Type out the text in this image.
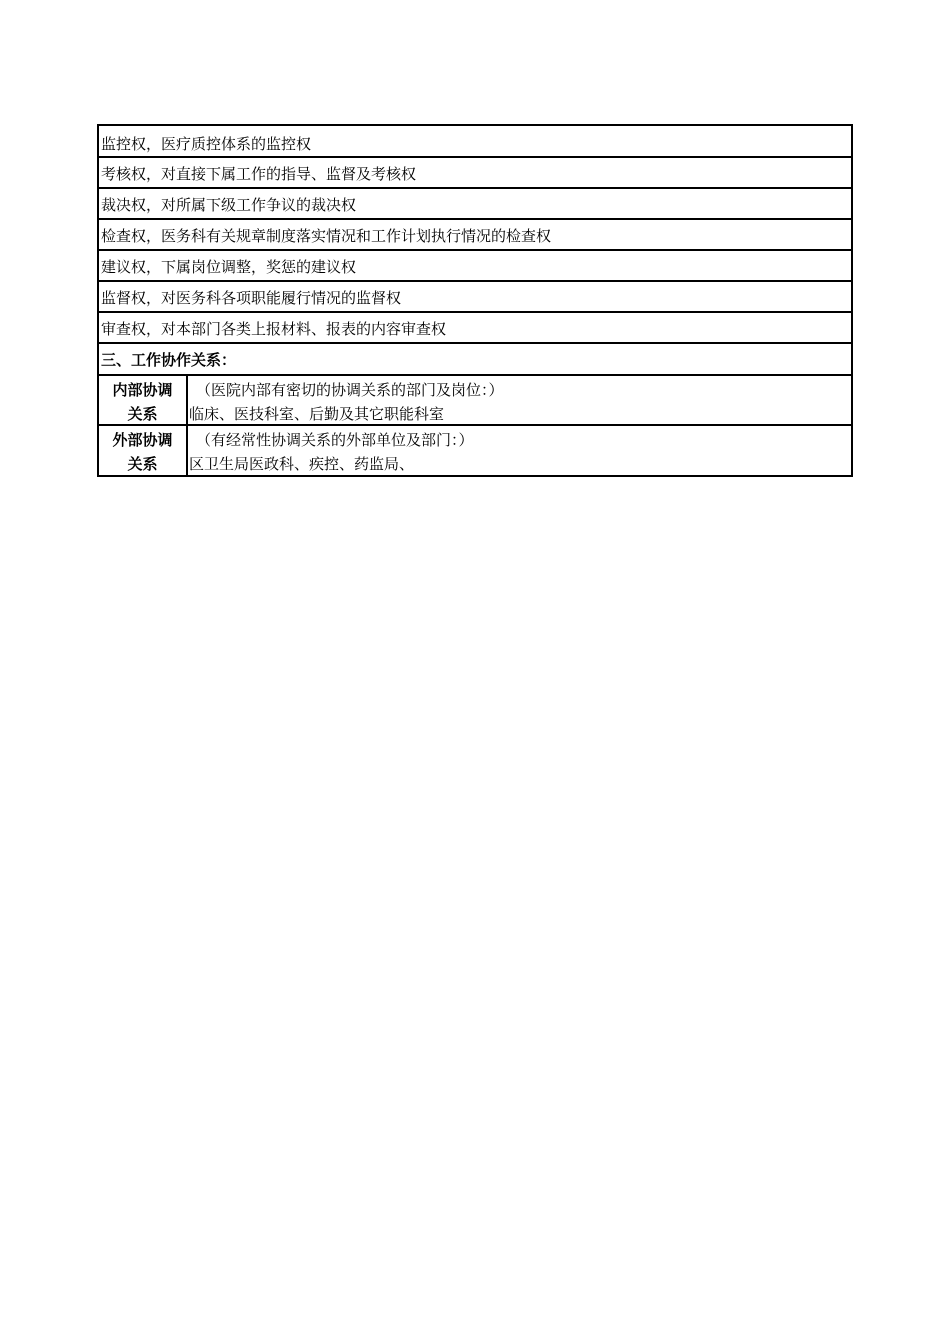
监控权，医疗质控体系的监控权
考核权，对直接下属工作的指导、监督及考核权
裁决权，对所属下级工作争议的裁决权
检查权，医务科有关规章制度落实情况和工作计划执行情况的检查权
建议权，下属岗位调整，奖惩的建议权
监督权，对医务科各项职能履行情况的监督权
审查权，对本部门各类上报材料、报表的内容审查权
三、工作协作关系：
内部协调
关系
（医院内部有密切的协调关系的部门及岗位：）
临床、医技科室、后勤及其它职能科室
外部协调
关系
（有经常性协调关系的外部单位及部门：）
区卫生局医政科、疾控、药监局、
